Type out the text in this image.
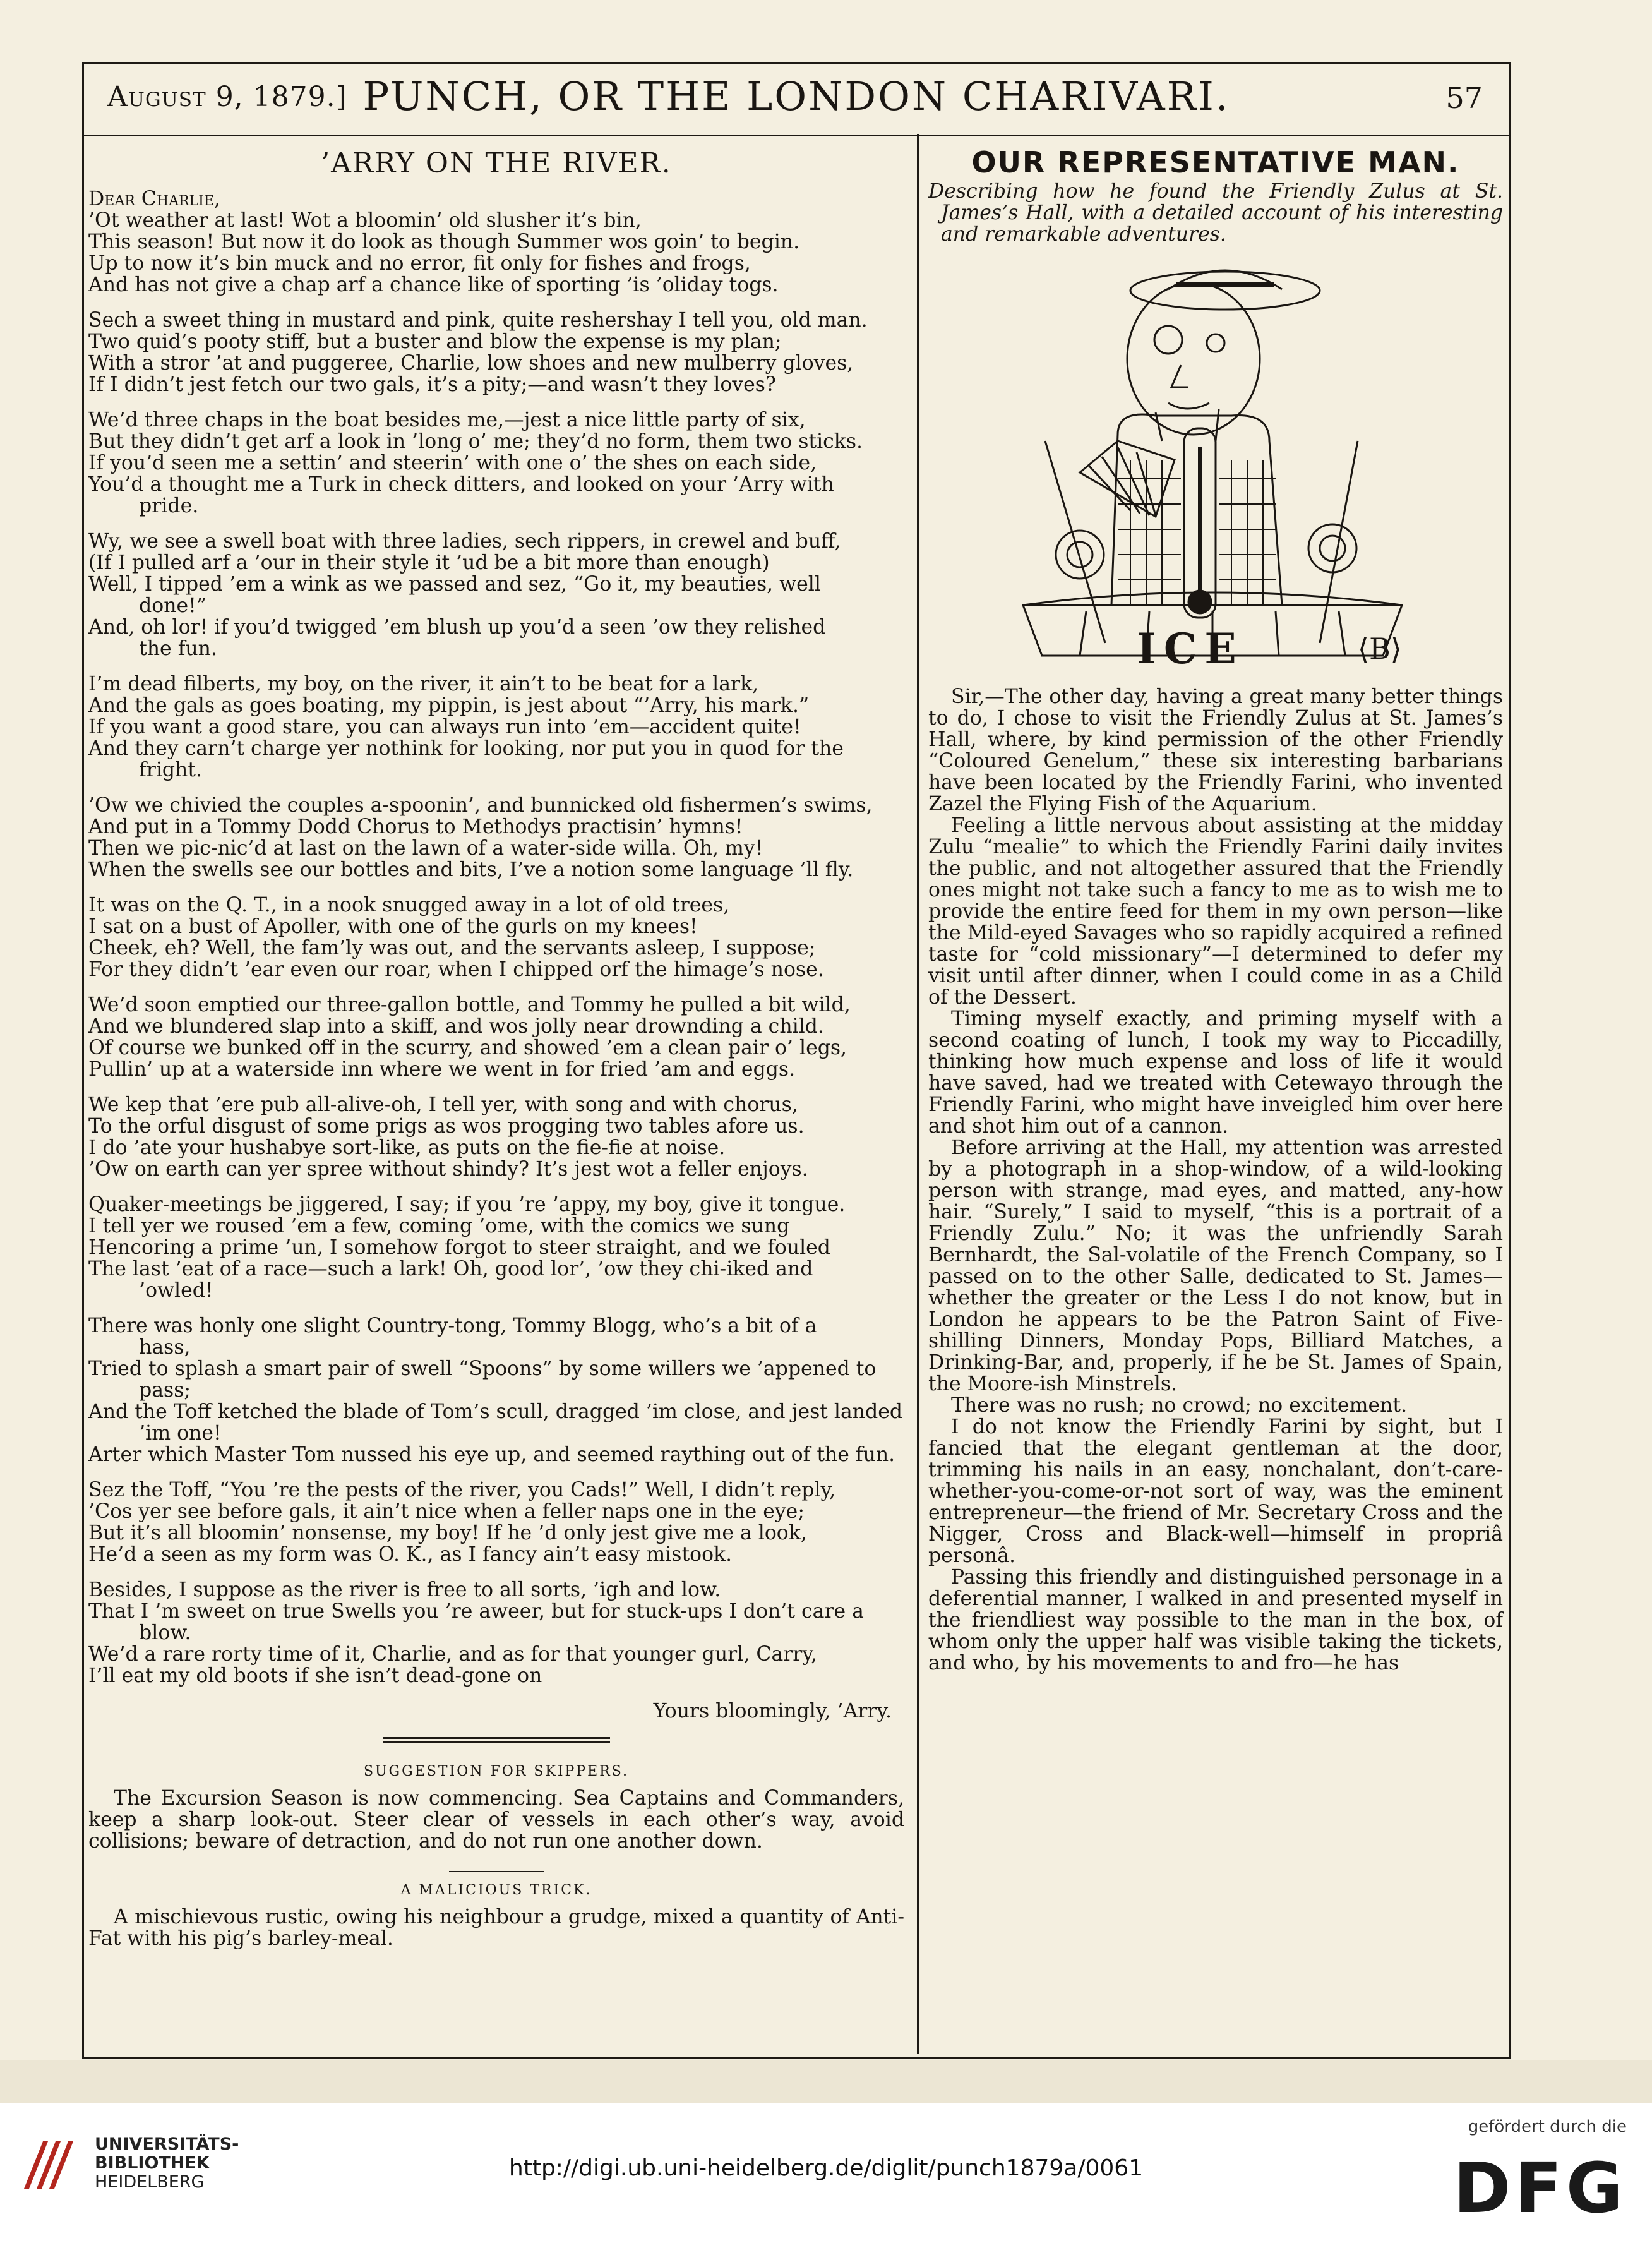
August 9, 1879.] PUNCH, OR THE LONDON CHARIVARI.	57
’ARRY ON THE RIVER.
Dear Charlie,
’Ot weather at last! Wot a bloomin’ old slusher it’s bin,
This season! But now it do look as though Summer wos goin’ to begin.
Up to now it’s bin muck and no error, fit only for fishes and frogs,
And has not give a chap arf a chance like of sporting ’is ’oliday togs.
Sech a sweet thing in mustard and pink, quite reshershay I tell you, old man.
Two quid’s pooty stiff, but a buster and blow the expense is my plan;
With a stror ’at and puggeree, Charlie, low shoes and new mulberry gloves,
If I didn’t jest fetch our two gals, it’s a pity;—and wasn’t they loves?
We’d three chaps in the boat besides me,—jest a nice little party of six,
But they didn’t get arf a look in ’long o’ me; they’d no form, them two sticks.
If you’d seen me a settin’ and steerin’ with one o’ the shes on each side,
You’d a thought me a Turk in check ditters, and looked on your ’Arry with
pride.
Wy, we see a swell boat with three ladies, sech rippers, in crewel and buff,
(If I pulled arf a ’our in their style it ’ud be a bit more than enough)
Well, I tipped ’em a wink as we passed and sez, “Go it, my beauties, well
done!”
And, oh lor! if you’d twigged ’em blush up you’d a seen ’ow they relished
the fun.
I’m dead filberts, my boy, on the river, it ain’t to be beat for a lark,
And the gals as goes boating, my pippin, is jest about “’Arry, his mark.”
If you want a good stare, you can always run into ’em—accident quite!
And they carn’t charge yer nothink for looking, nor put you in quod for the
fright.
’Ow we chivied the couples a-spoonin’, and bunnicked old fishermen’s swims,
And put in a Tommy Dodd Chorus to Methodys practisin’ hymns!
Then we pic-nic’d at last on the lawn of a water-side willa. Oh, my!
When the swells see our bottles and bits, I’ve a notion some language ’ll fly.
It was on the Q. T., in a nook snugged away in a lot of old trees,
I sat on a bust of Apoller, with one of the gurls on my knees!
Cheek, eh? Well, the fam’ly was out, and the servants asleep, I suppose;
For they didn’t ’ear even our roar, when I chipped orf the himage’s nose.
We’d soon emptied our three-gallon bottle, and Tommy he pulled a bit wild,
And we blundered slap into a skiff, and wos jolly near drownding a child.
Of course we bunked off in the scurry, and showed ’em a clean pair o’ legs,
Pullin’ up at a waterside inn where we went in for fried ’am and eggs.
We kep that ’ere pub all-alive-oh, I tell yer, with song and with chorus,
To the orful disgust of some prigs as wos progging two tables afore us.
I do ’ate your hushabye sort-like, as puts on the fie-fie at noise.
’Ow on earth can yer spree without shindy? It’s jest wot a feller enjoys.
Quaker-meetings be jiggered, I say; if you ’re ’appy, my boy, give it tongue.
I tell yer we roused ’em a few, coming ’ome, with the comics we sung
Hencoring a prime ’un, I somehow forgot to steer straight, and we fouled
The last ’eat of a race—such a lark! Oh, good lor’, ’ow they chi-iked and
’owled!
There was honly one slight Country-tong, Tommy Blogg, who’s a bit of a
hass,
Tried to splash a smart pair of swell “Spoons” by some willers we ’appened to
pass;
And the Toff ketched the blade of Tom’s scull, dragged ’im close, and jest landed
’im one!
Arter which Master Tom nussed his eye up, and seemed raything out of the fun.
Sez the Toff, “You ’re the pests of the river, you Cads!” Well, I didn’t reply,
’Cos yer see before gals, it ain’t nice when a feller naps one in the eye;
But it’s all bloomin’ nonsense, my boy! If he ’d only jest give me a look,
He’d a seen as my form was O. K., as I fancy ain’t easy mistook.
Besides, I suppose as the river is free to all sorts, ’igh and low.
That I ’m sweet on true Swells you ’re aweer, but for stuck-ups I don’t care a
blow.
We’d a rare rorty time of it, Charlie, and as for that younger gurl, Carry,
I’ll eat my old boots if she isn’t dead-gone on
Yours bloomingly, ’Arry.
SUGGESTION FOR SKIPPERS.
The Excursion Season is now commencing. Sea Captains and Commanders, keep a sharp look-out. Steer clear of vessels in each other’s way, avoid collisions; beware of detraction, and do not run one another down.
A MALICIOUS TRICK.
A mischievous rustic, owing his neighbour a grudge, mixed a quantity of Anti-Fat with his pig’s barley-meal.
OUR REPRESENTATIVE MAN.
Describing how he found the Friendly Zulus at St. James’s Hall, with a detailed account of his interesting and remarkable adventures.
ICE	⟨B⟩

Sir,—The other day, having a great many better things to do, I chose to visit the Friendly Zulus at St. James’s Hall, where, by kind permission of the other Friendly “Coloured Genelum,” these six interesting barbarians have been located by the Friendly Farini, who invented Zazel the Flying Fish of the Aquarium.

Feeling a little nervous about assisting at the midday Zulu “mealie” to which the Friendly Farini daily invites the public, and not altogether assured that the Friendly ones might not take such a fancy to me as to wish me to provide the entire feed for them in my own person—like the Mild-eyed Savages who so rapidly acquired a refined taste for “cold missionary”—I determined to defer my visit until after dinner, when I could come in as a Child of the Dessert.

Timing myself exactly, and priming myself with a second coating of lunch, I took my way to Piccadilly, thinking how much expense and loss of life it would have saved, had we treated with Cetewayo through the Friendly Farini, who might have inveigled him over here and shot him out of a cannon.

Before arriving at the Hall, my attention was arrested by a photograph in a shop-window, of a wild-looking person with strange, mad eyes, and matted, any-how hair. “Surely,” I said to myself, “this is a portrait of a Friendly Zulu.” No; it was the unfriendly Sarah Bernhardt, the Sal-volatile of the French Company, so I passed on to the other Salle, dedicated to St. James—whether the greater or the Less I do not know, but in London he appears to be the Patron Saint of Five-shilling Dinners, Monday Pops, Billiard Matches, a Drinking-Bar, and, properly, if he be St. James of Spain, the Moore-ish Minstrels.

There was no rush; no crowd; no excitement.

I do not know the Friendly Farini by sight, but I fancied that the elegant gentleman at the door, trimming his nails in an easy, nonchalant, don’t-care-whether-you-come-or-not sort of way, was the eminent entrepreneur—the friend of Mr. Secretary Cross and the Nigger, Cross and Black-well—himself in propriâ personâ.

Passing this friendly and distinguished personage in a deferential manner, I walked in and presented myself in the friendliest way possible to the man in the box, of whom only the upper half was visible taking the tickets, and who, by his movements to and fro—he has

UNIVERSITÄTS-
BIBLIOTHEK
HEIDELBERG
http://digi.ub.uni-heidelberg.de/diglit/punch1879a/0061
gefördert durch die
DFG
